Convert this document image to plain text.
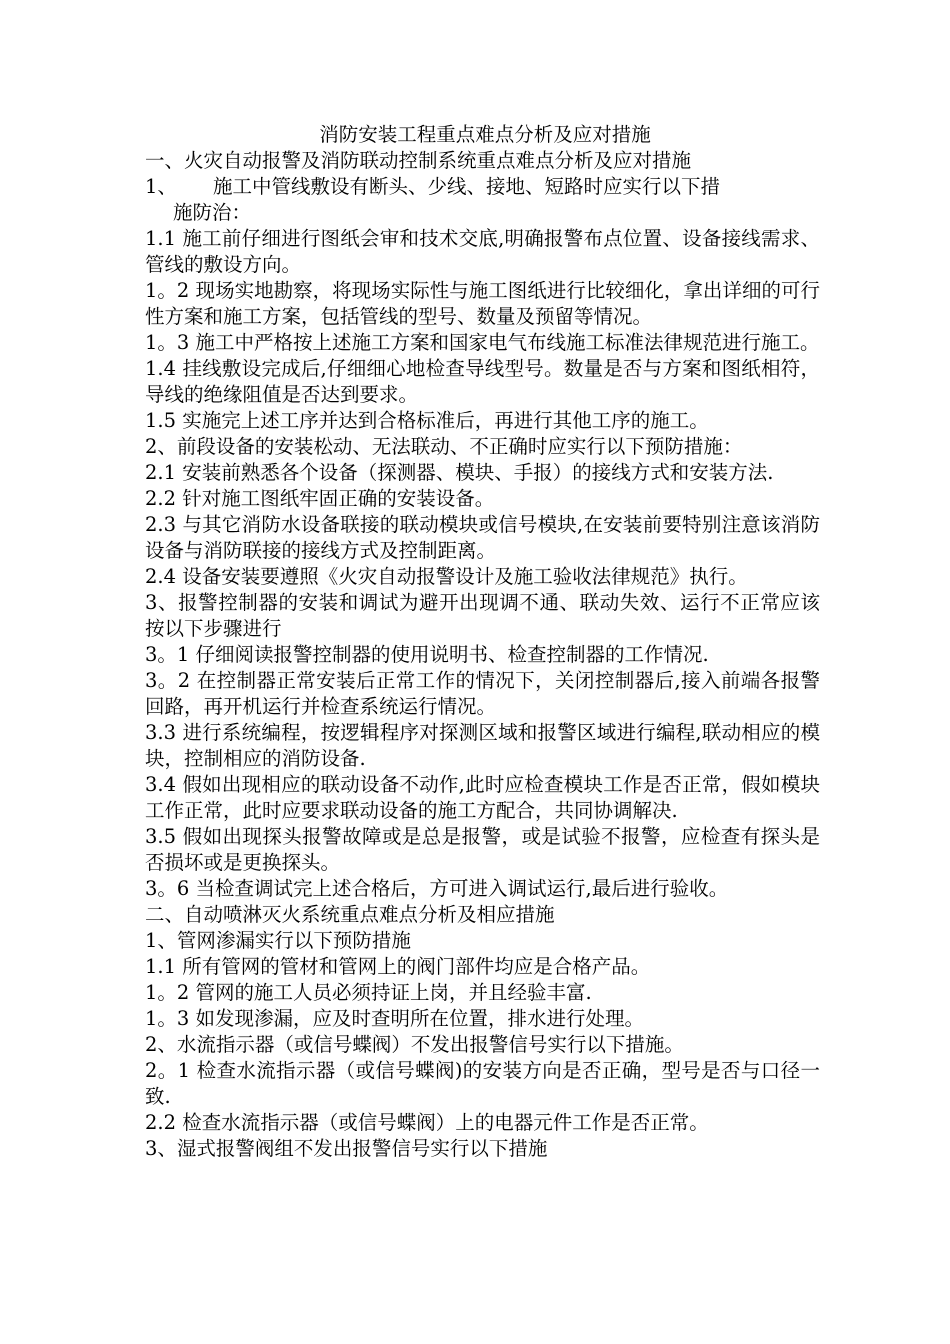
消防安装工程重点难点分析及应对措施

一、火灾自动报警及消防联动控制系统重点难点分析及应对措施

1、	施工中管线敷设有断头、少线、接地、短路时应实行以下措

施防治：

1.1 施工前仔细进行图纸会审和技术交底,明确报警布点位置、设备接线需求、管线的敷设方向。

1。2 现场实地勘察，将现场实际性与施工图纸进行比较细化，拿出详细的可行性方案和施工方案，包括管线的型号、数量及预留等情况。

1。3 施工中严格按上述施工方案和国家电气布线施工标准法律规范进行施工。

1.4 挂线敷设完成后,仔细细心地检查导线型号。数量是否与方案和图纸相符，导线的绝缘阻值是否达到要求。

1.5 实施完上述工序并达到合格标准后，再进行其他工序的施工。

2、前段设备的安装松动、无法联动、不正确时应实行以下预防措施：

2.1 安装前熟悉各个设备（探测器、模块、手报）的接线方式和安装方法.

2.2 针对施工图纸牢固正确的安装设备。

2.3 与其它消防水设备联接的联动模块或信号模块,在安装前要特别注意该消防设备与消防联接的接线方式及控制距离。

2.4 设备安装要遵照《火灾自动报警设计及施工验收法律规范》执行。

3、报警控制器的安装和调试为避开出现调不通、联动失效、运行不正常应该按以下步骤进行

3。1 仔细阅读报警控制器的使用说明书、检查控制器的工作情况.

3。2 在控制器正常安装后正常工作的情况下，关闭控制器后,接入前端各报警回路，再开机运行并检查系统运行情况。

3.3 进行系统编程，按逻辑程序对探测区域和报警区域进行编程,联动相应的模块，控制相应的消防设备.

3.4 假如出现相应的联动设备不动作,此时应检查模块工作是否正常，假如模块工作正常，此时应要求联动设备的施工方配合，共同协调解决.

3.5 假如出现探头报警故障或是总是报警，或是试验不报警，应检查有探头是否损坏或是更换探头。

3。6 当检查调试完上述合格后，方可进入调试运行,最后进行验收。

二、自动喷淋灭火系统重点难点分析及相应措施

1、管网渗漏实行以下预防措施

1.1 所有管网的管材和管网上的阀门部件均应是合格产品。

1。2 管网的施工人员必须持证上岗，并且经验丰富.

1。3 如发现渗漏，应及时查明所在位置，排水进行处理。

2、水流指示器（或信号蝶阀）不发出报警信号实行以下措施。

2。1 检查水流指示器（或信号蝶阀)的安装方向是否正确，型号是否与口径一致.

2.2 检查水流指示器（或信号蝶阀）上的电器元件工作是否正常。

3、湿式报警阀组不发出报警信号实行以下措施
